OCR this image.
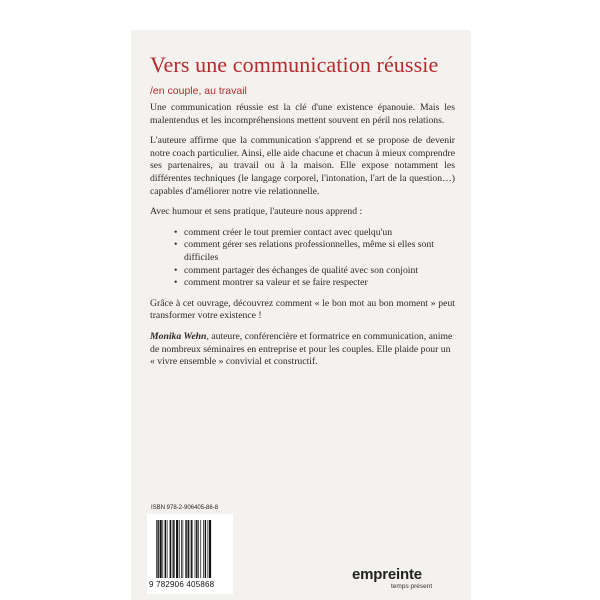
Vers une communication réussie
/en couple, au travail

Une communication réussie est la clé d'une existence épanouie. Mais les malentendus et les incompréhensions mettent souvent en péril nos relations.

L'auteure affirme que la communication s'apprend et se propose de devenir notre coach particulier. Ainsi, elle aide chacune et chacun à mieux comprendre ses partenaires, au travail ou à la maison. Elle expose notamment les différentes techniques (le langage corporel, l'intonation, l'art de la question…) capables d'améliorer notre vie relationnelle.

Avec humour et sens pratique, l'auteure nous apprend :

• comment créer le tout premier contact avec quelqu'un
• comment gérer ses relations professionnelles, même si elles sont difficiles
• comment partager des échanges de qualité avec son conjoint
• comment montrer sa valeur et se faire respecter

Grâce à cet ouvrage, découvrez comment « le bon mot au bon moment » peut transformer votre existence !

Monika Wehn, auteure, conférencière et formatrice en communication, anime de nombreux séminaires en entreprise et pour les couples. Elle plaide pour un « vivre ensemble » convivial et constructif.

ISBN 978-2-906405-86-8
9 782906 405868
empreinte
temps présent
